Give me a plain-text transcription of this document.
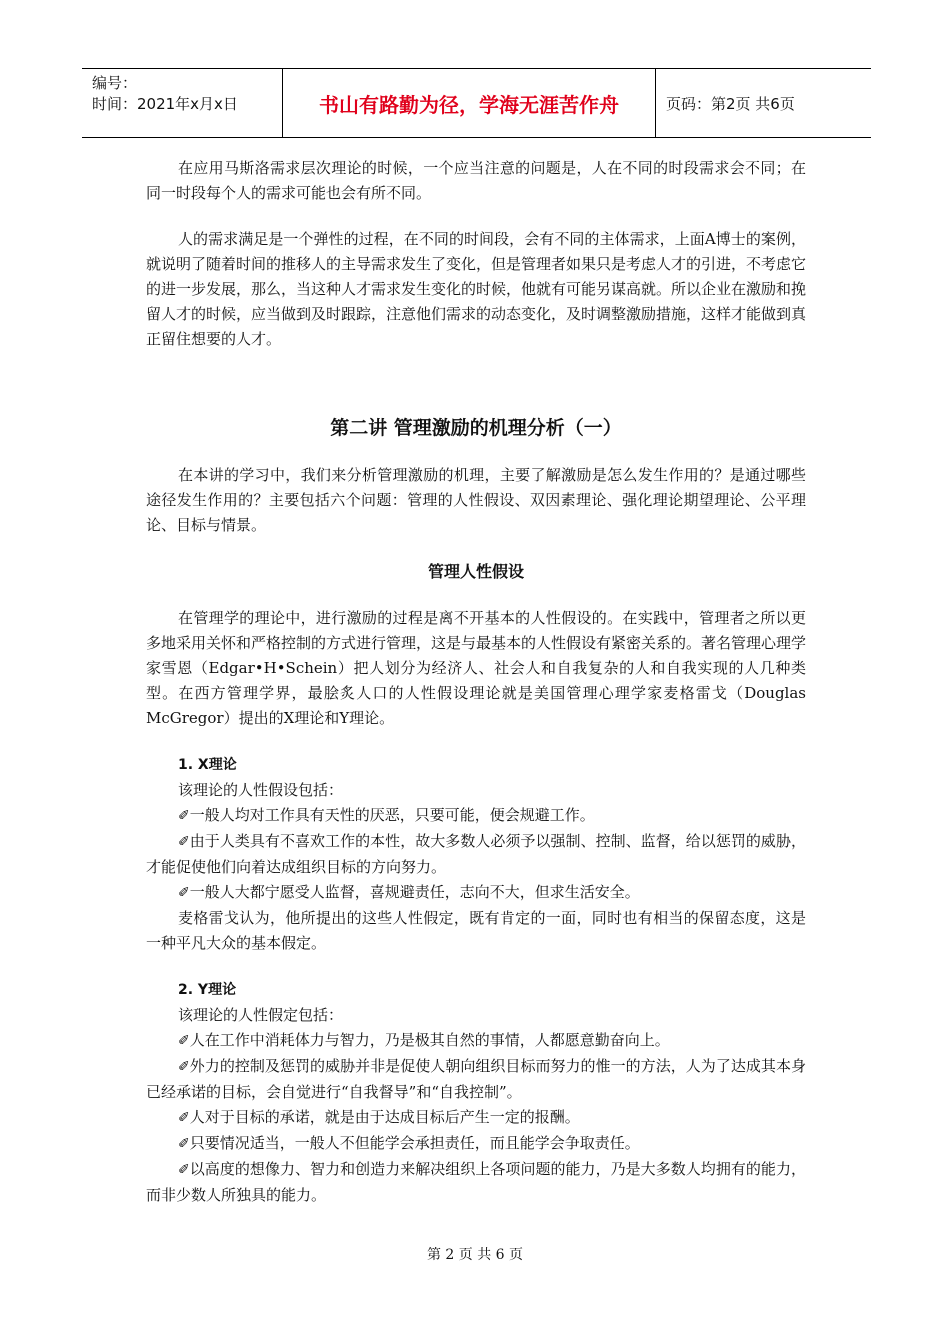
编号：
时间：2021年x月x日	书山有路勤为径，学海无涯苦作舟	页码：第2页 共6页

在应用马斯洛需求层次理论的时候，一个应当注意的问题是，人在不同的时段需求会不同；在同一时段每个人的需求可能也会有所不同。

人的需求满足是一个弹性的过程，在不同的时间段，会有不同的主体需求，上面A博士的案例，就说明了随着时间的推移人的主导需求发生了变化，但是管理者如果只是考虑人才的引进，不考虑它的进一步发展，那么，当这种人才需求发生变化的时候，他就有可能另谋高就。所以企业在激励和挽留人才的时候，应当做到及时跟踪，注意他们需求的动态变化，及时调整激励措施，这样才能做到真正留住想要的人才。

第二讲 管理激励的机理分析（一）

在本讲的学习中，我们来分析管理激励的机理，主要了解激励是怎么发生作用的？是通过哪些途径发生作用的？主要包括六个问题：管理的人性假设、双因素理论、强化理论期望理论、公平理论、目标与情景。

管理人性假设

在管理学的理论中，进行激励的过程是离不开基本的人性假设的。在实践中，管理者之所以更多地采用关怀和严格控制的方式进行管理，这是与最基本的人性假设有紧密关系的。著名管理心理学家雪恩（Edgar•H•Schein）把人划分为经济人、社会人和自我复杂的人和自我实现的人几种类型。在西方管理学界，最脍炙人口的人性假设理论就是美国管理心理学家麦格雷戈（Douglas McGregor）提出的X理论和Y理论。

1. X理论

该理论的人性假设包括：

✐ 一般人均对工作具有天性的厌恶，只要可能，便会规避工作。

✐ 由于人类具有不喜欢工作的本性，故大多数人必须予以强制、控制、监督，给以惩罚的威胁，才能促使他们向着达成组织目标的方向努力。

✐ 一般人大都宁愿受人监督，喜规避责任，志向不大，但求生活安全。

麦格雷戈认为，他所提出的这些人性假定，既有肯定的一面，同时也有相当的保留态度，这是一种平凡大众的基本假定。

2. Y理论

该理论的人性假定包括：

✐ 人在工作中消耗体力与智力，乃是极其自然的事情，人都愿意勤奋向上。

✐ 外力的控制及惩罚的威胁并非是促使人朝向组织目标而努力的惟一的方法，人为了达成其本身已经承诺的目标，会自觉进行“自我督导”和“自我控制”。

✐ 人对于目标的承诺，就是由于达成目标后产生一定的报酬。

✐ 只要情况适当，一般人不但能学会承担责任，而且能学会争取责任。

✐ 以高度的想像力、智力和创造力来解决组织上各项问题的能力，乃是大多数人均拥有的能力，而非少数人所独具的能力。

第 2 页 共 6 页
